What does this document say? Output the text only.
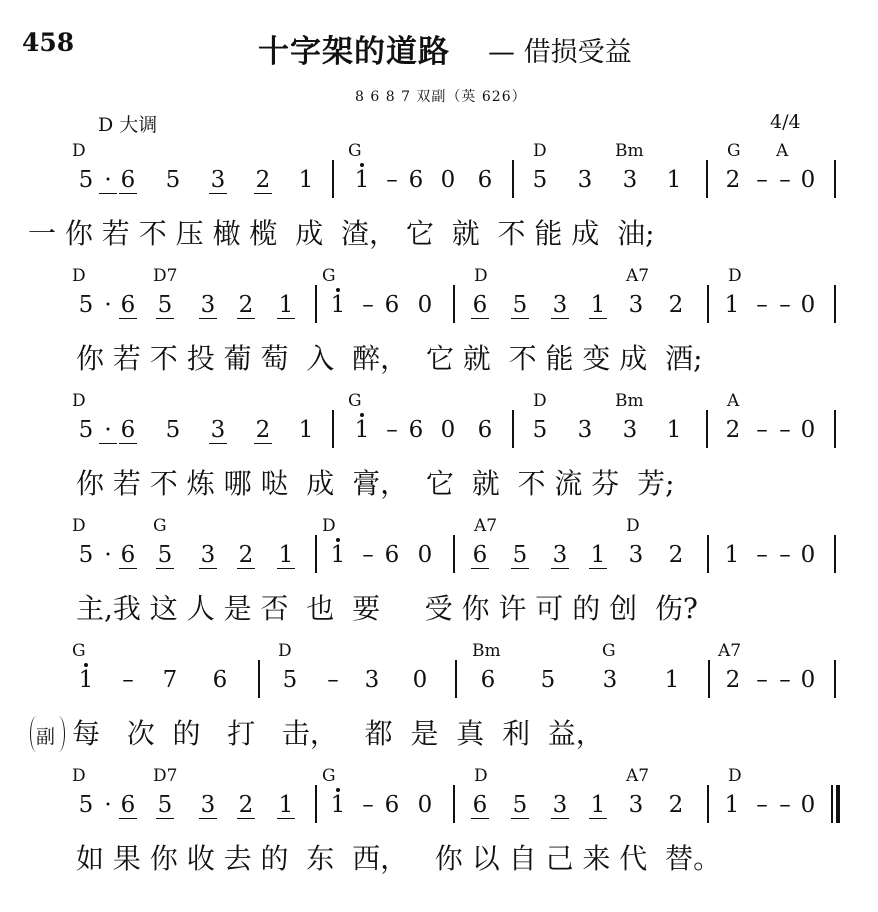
458	十字架的道路 — 借损受益
8 6 8 7 双副（英 626）
D 大调	4/4
D	G	D	Bm	G A
5 · 6 5 3 2 1 1 – 6 0 6 5 3 3 1 2 – – 0
一 你 若 不 压 橄 榄  成  渣， 它  就  不 能 成  油;
D	D7	G	D	A7	D
5 · 6 5 3 2 1 1 – 6 0 6 5 3 1 3 2 1 – – 0
你 若 不 投 葡 萄  入  醉，  它 就  不 能 变 成  酒;
D	G	D	Bm	A
5 · 6 5 3 2 1 1 – 6 0 6 5 3 3 1 2 – – 0
你 若 不 炼 哪 哒  成  膏，  它  就  不 流 芬  芳;
D	G	D	A7	D
5 · 6 5 3 2 1 1 – 6 0 6 5 3 1 3 2 1 – – 0
主,我 这 人 是 否  也  要     受 你 许 可 的 创  伤?
G	D	Bm	G	A7
1 – 7 6 5 – 3 0 6 5 3 1 2 – – 0
每   次  的   打   击，   都  是  真  利  益，
副
D	D7	G	D	A7	D
5 · 6 5 3 2 1 1 – 6 0 6 5 3 1 3 2 1 – – 0
如 果 你 收 去 的  东  西，   你 以 自 己 来 代  替。
